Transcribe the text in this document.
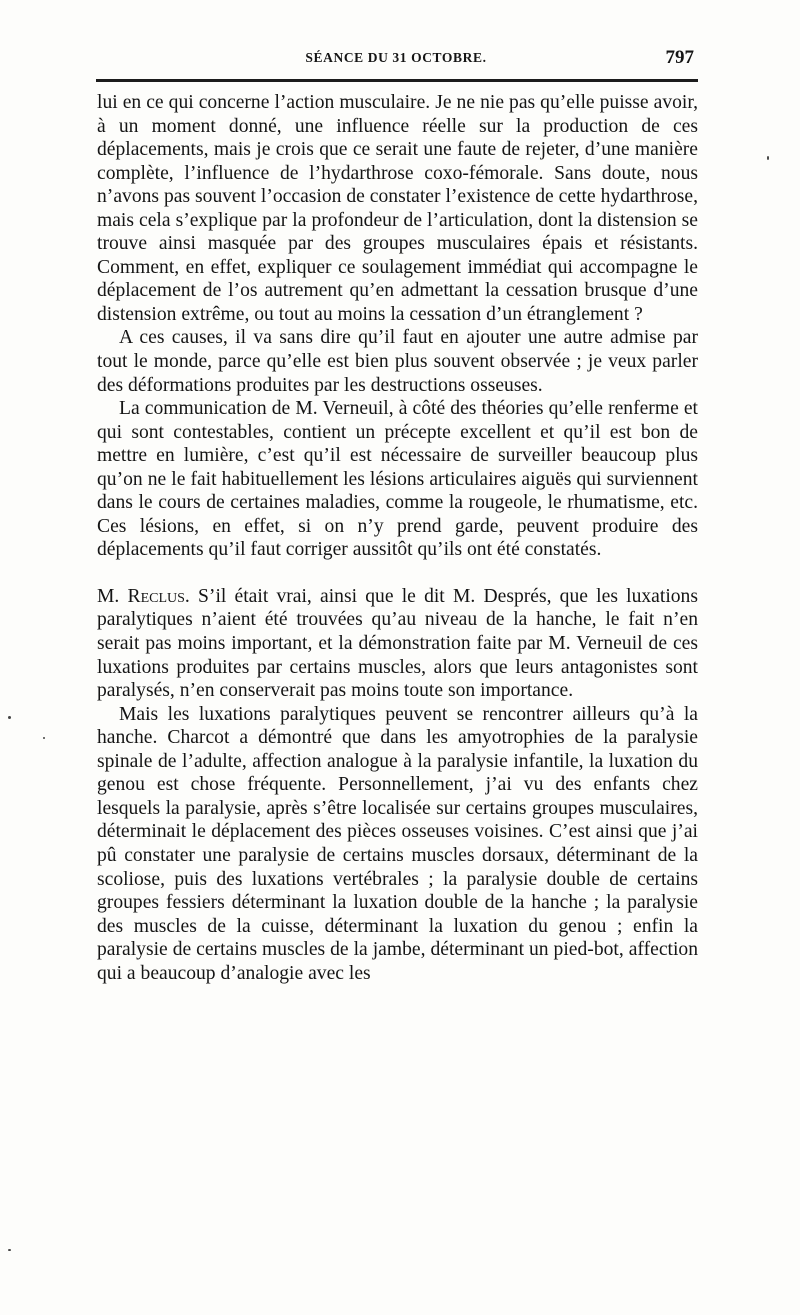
SÉANCE DU 31 OCTOBRE.	797

lui en ce qui concerne l’action musculaire. Je ne nie pas qu’elle puisse avoir, à un moment donné, une influence réelle sur la production de ces déplacements, mais je crois que ce serait une faute de rejeter, d’une manière complète, l’influence de l’hydarthrose coxo-fémorale. Sans doute, nous n’avons pas souvent l’occasion de constater l’existence de cette hydarthrose, mais cela s’explique par la profondeur de l’articulation, dont la distension se trouve ainsi masquée par des groupes musculaires épais et résistants. Comment, en effet, expliquer ce soulagement immédiat qui accompagne le déplacement de l’os autrement qu’en admettant la cessation brusque d’une distension extrême, ou tout au moins la cessation d’un étranglement ?

A ces causes, il va sans dire qu’il faut en ajouter une autre admise par tout le monde, parce qu’elle est bien plus souvent observée ; je veux parler des déformations produites par les destructions osseuses.

La communication de M. Verneuil, à côté des théories qu’elle renferme et qui sont contestables, contient un précepte excellent et qu’il est bon de mettre en lumière, c’est qu’il est nécessaire de surveiller beaucoup plus qu’on ne le fait habituellement les lésions articulaires aiguës qui surviennent dans le cours de certaines maladies, comme la rougeole, le rhumatisme, etc. Ces lésions, en effet, si on n’y prend garde, peuvent produire des déplacements qu’il faut corriger aussitôt qu’ils ont été constatés.

M. Reclus. S’il était vrai, ainsi que le dit M. Després, que les luxations paralytiques n’aient été trouvées qu’au niveau de la hanche, le fait n’en serait pas moins important, et la démonstration faite par M. Verneuil de ces luxations produites par certains muscles, alors que leurs antagonistes sont paralysés, n’en conserverait pas moins toute son importance.

Mais les luxations paralytiques peuvent se rencontrer ailleurs qu’à la hanche. Charcot a démontré que dans les amyotrophies de la paralysie spinale de l’adulte, affection analogue à la paralysie infantile, la luxation du genou est chose fréquente. Personnellement, j’ai vu des enfants chez lesquels la paralysie, après s’être localisée sur certains groupes musculaires, déterminait le déplacement des pièces osseuses voisines. C’est ainsi que j’ai pû constater une paralysie de certains muscles dorsaux, déterminant de la scoliose, puis des luxations vertébrales ; la paralysie double de certains groupes fessiers déterminant la luxation double de la hanche ; la paralysie des muscles de la cuisse, déterminant la luxation du genou ; enfin la paralysie de certains muscles de la jambe, déterminant un pied-bot, affection qui a beaucoup d’analogie avec les
